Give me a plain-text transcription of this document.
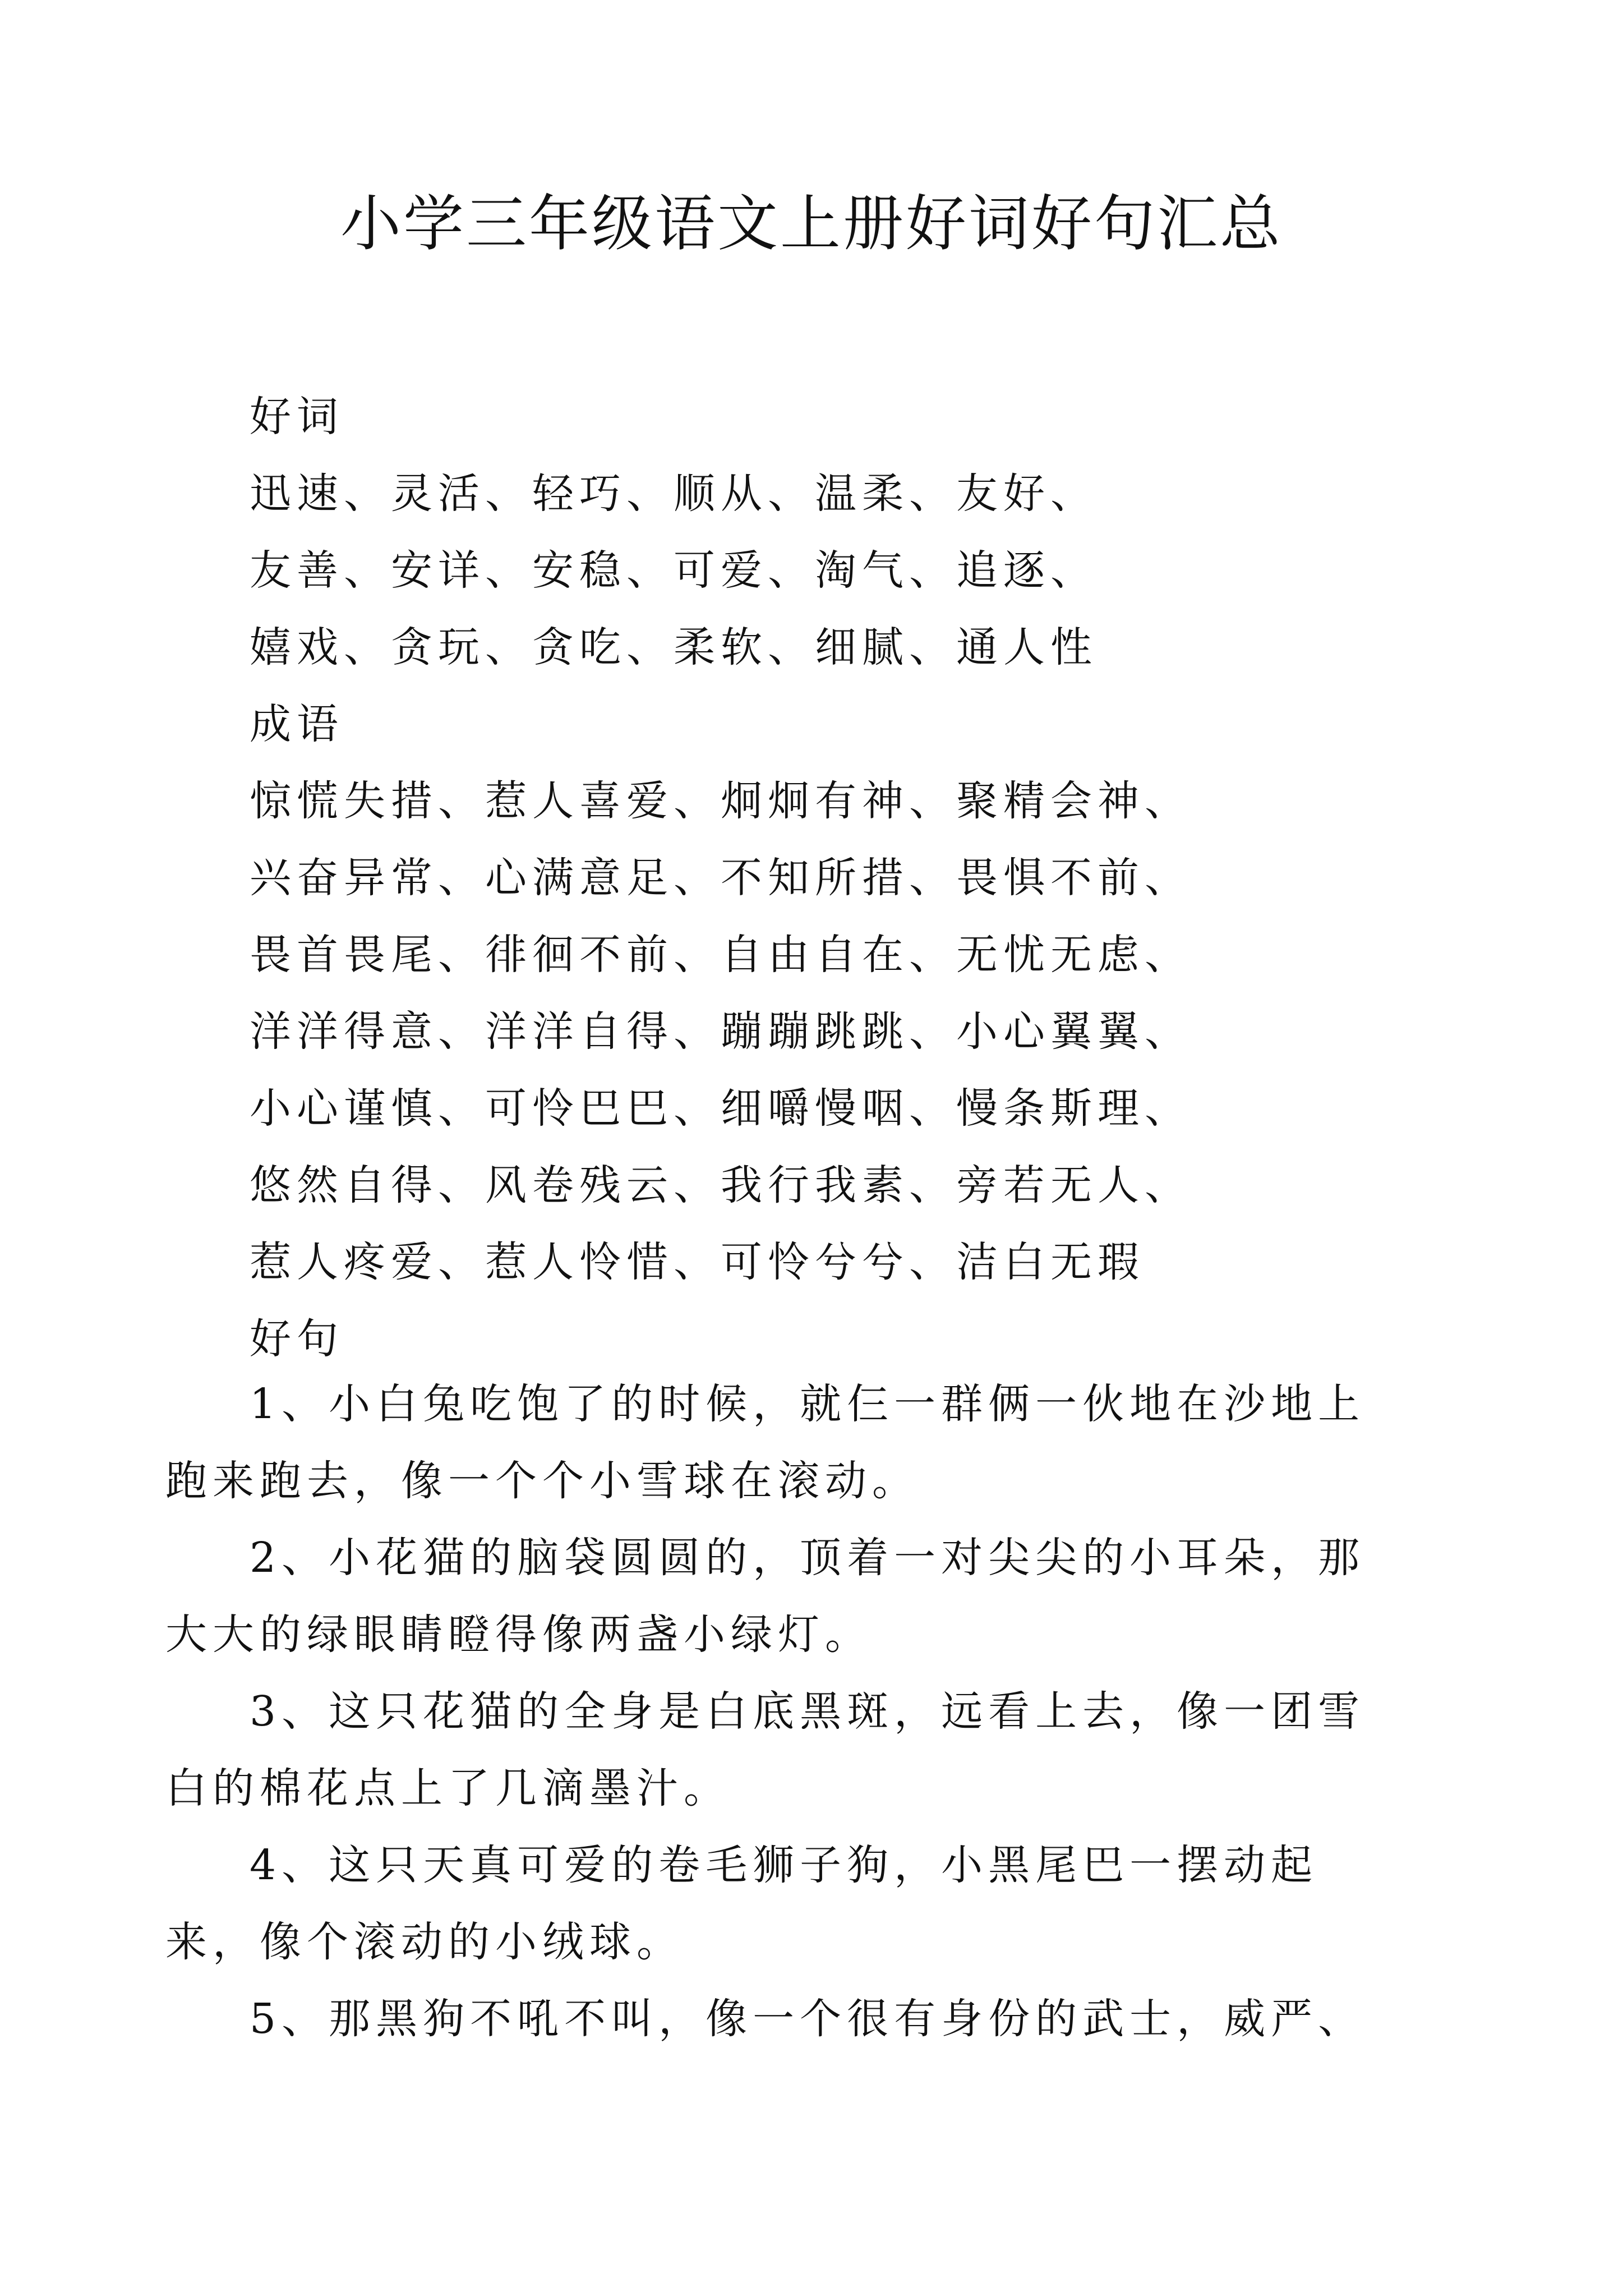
小学三年级语文上册好词好句汇总
好词
迅速、灵活、轻巧、顺从、温柔、友好、
友善、安详、安稳、可爱、淘气、追逐、
嬉戏、贪玩、贪吃、柔软、细腻、通人性
成语
惊慌失措、惹人喜爱、炯炯有神、聚精会神、
兴奋异常、心满意足、不知所措、畏惧不前、
畏首畏尾、徘徊不前、自由自在、无忧无虑、
洋洋得意、洋洋自得、蹦蹦跳跳、小心翼翼、
小心谨慎、可怜巴巴、细嚼慢咽、慢条斯理、
悠然自得、风卷残云、我行我素、旁若无人、
惹人疼爱、惹人怜惜、可怜兮兮、洁白无瑕
好句
1、小白兔吃饱了的时候，就仨一群俩一伙地在沙地上跑来跑去，像一个个小雪球在滚动。
2、小花猫的脑袋圆圆的，顶着一对尖尖的小耳朵，那大大的绿眼睛瞪得像两盏小绿灯。
3、这只花猫的全身是白底黑斑，远看上去，像一团雪白的棉花点上了几滴墨汁。
4、这只天真可爱的卷毛狮子狗，小黑尾巴一摆动起来，像个滚动的小绒球。
5、那黑狗不吼不叫，像一个很有身份的武士，威严、
